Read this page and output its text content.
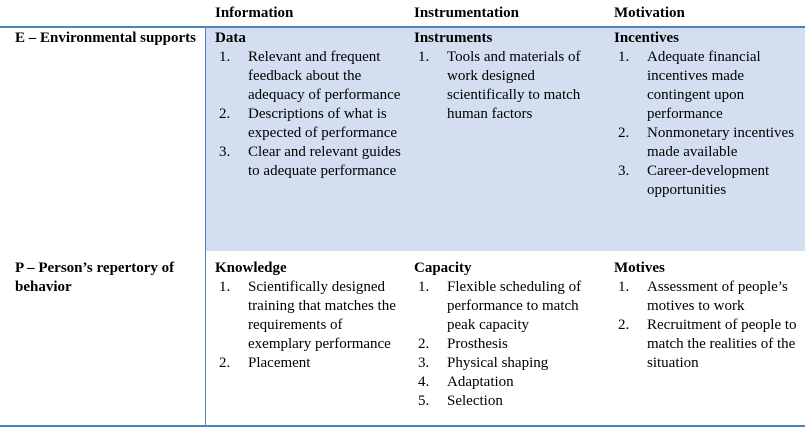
Information	Instrumentation	Motivation
E – Environmental supports
P – Person’s repertory of behavior
Data
1. Relevant and frequent feedback about the adequacy of performance
2. Descriptions of what is expected of performance
3. Clear and relevant guides to adequate performance
Instruments
1. Tools and materials of work designed scientifically to match human factors
Incentives
1. Adequate financial incentives made contingent upon performance
2. Nonmonetary incentives made available
3. Career-development opportunities
Knowledge
1. Scientifically designed training that matches the requirements of exemplary performance
2. Placement
Capacity
1. Flexible scheduling of performance to match peak capacity
2. Prosthesis
3. Physical shaping
4. Adaptation
5. Selection
Motives
1. Assessment of people’s motives to work
2. Recruitment of people to match the realities of the situation
